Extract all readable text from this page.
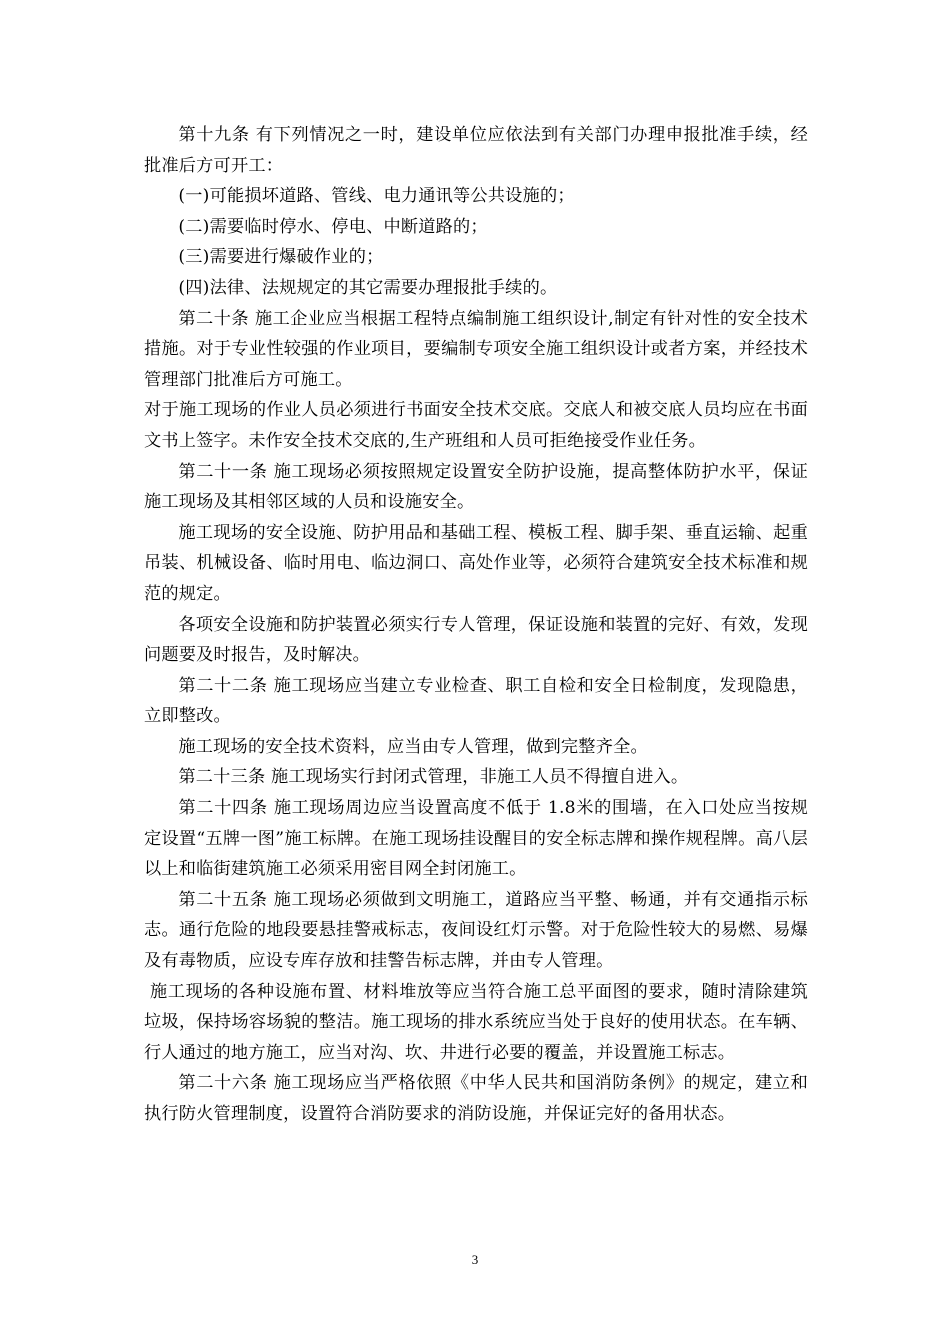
第十九条 有下列情况之一时，建设单位应依法到有关部门办理申报批准手续，经批准后方可开工：

(一)可能损坏道路、管线、电力通讯等公共设施的；

(二)需要临时停水、停电、中断道路的；

(三)需要进行爆破作业的；

(四)法律、法规规定的其它需要办理报批手续的。

第二十条 施工企业应当根据工程特点编制施工组织设计,制定有针对性的安全技术措施。对于专业性较强的作业项目，要编制专项安全施工组织设计或者方案，并经技术管理部门批准后方可施工。

对于施工现场的作业人员必须进行书面安全技术交底。交底人和被交底人员均应在书面文书上签字。未作安全技术交底的,生产班组和人员可拒绝接受作业任务。

第二十一条 施工现场必须按照规定设置安全防护设施，提高整体防护水平，保证施工现场及其相邻区域的人员和设施安全。

施工现场的安全设施、防护用品和基础工程、模板工程、脚手架、垂直运输、起重吊装、机械设备、临时用电、临边洞口、高处作业等，必须符合建筑安全技术标准和规范的规定。

各项安全设施和防护装置必须实行专人管理，保证设施和装置的完好、有效，发现问题要及时报告，及时解决。

第二十二条 施工现场应当建立专业检查、职工自检和安全日检制度，发现隐患，立即整改。

施工现场的安全技术资料，应当由专人管理，做到完整齐全。

第二十三条 施工现场实行封闭式管理，非施工人员不得擅自进入。

第二十四条 施工现场周边应当设置高度不低于 1.8米的围墙，在入口处应当按规定设置“五牌一图”施工标牌。在施工现场挂设醒目的安全标志牌和操作规程牌。高八层以上和临街建筑施工必须采用密目网全封闭施工。

第二十五条 施工现场必须做到文明施工，道路应当平整、畅通，并有交通指示标志。通行危险的地段要悬挂警戒标志，夜间设红灯示警。对于危险性较大的易燃、易爆及有毒物质，应设专库存放和挂警告标志牌，并由专人管理。

施工现场的各种设施布置、材料堆放等应当符合施工总平面图的要求，随时清除建筑垃圾，保持场容场貌的整洁。施工现场的排水系统应当处于良好的使用状态。在车辆、行人通过的地方施工，应当对沟、坎、井进行必要的覆盖，并设置施工标志。

第二十六条 施工现场应当严格依照《中华人民共和国消防条例》的规定，建立和执行防火管理制度，设置符合消防要求的消防设施，并保证完好的备用状态。

3
